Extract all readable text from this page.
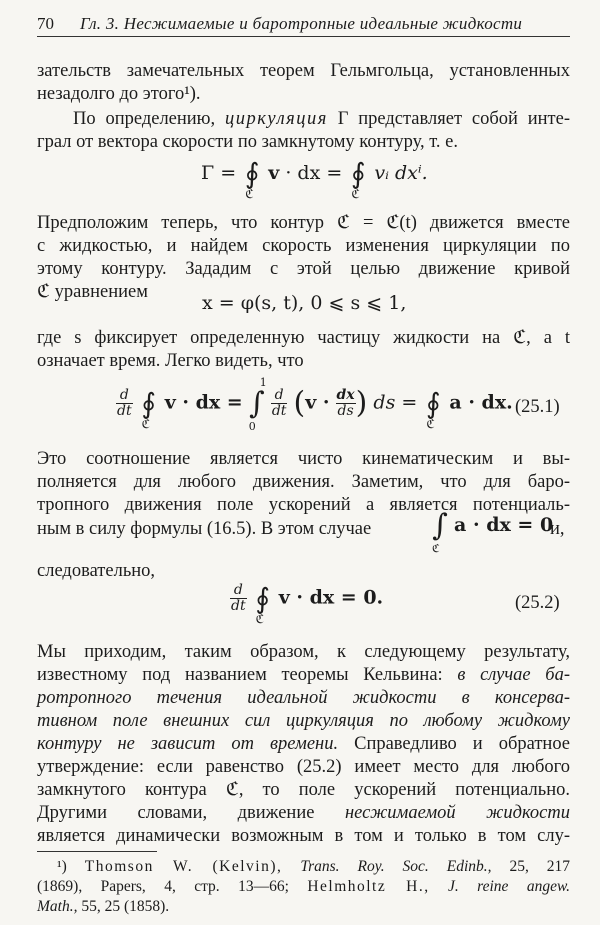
70 Гл. 3. Несжимаемые и баротропные идеальные жидкости
зательств замечательных теорем Гельмгольца, установленных
незадолго до этого¹).
По определению, циркуляция Γ представляет собой интe-
грал от вектора скорости по замкнутому контуру, т. е.
Γ = ∮
ℭ
v · dx = ∮
ℭ
vᵢ dxⁱ.
Предположим теперь, что контур ℭ = ℭ(t) движется вместе
с жидкостью, и найдем скорость изменения циркуляции по
этому контуру. Зададим с этой целью движение кривой
ℭ уравнением	x = φ(s, t), 0 ⩽ s ⩽ 1,
где s фиксирует определенную частицу жидкости на ℭ, а t
означает время. Легко видеть, что
$\frac{d}{dt}$ ∮
ℭ
v · dx = ∫
1
0

$\frac{d}{dt} (v \cdot \frac{dx}{ds}$ ) ds = ∮
ℭ
a · dx. (25.1)
Это соотношение является чисто кинематическим и вы-
полняется для любого движения. Заметим, что для баро-
тропного движения поле ускорений a является потенциаль-
ным в силу формулы (16.5). В этом случае	∫
ℭ
a · dx = 0
и,
следовательно,
$\frac{d}{dt}$ ∮
ℭ
v · dx = 0.	(25.2)
Мы приходим, таким образом, к следующему результату,
известному под названием теоремы Кельвина: в случае ба-
ротропного течения идеальной жидкости в консерва-
тивном поле внешних сил циркуляция по любому жидкому
контуру не зависит от времени. Справедливо и обратное
утверждение: если равенство (25.2) имеет место для любого
замкнутого контура ℭ, то поле ускорений потенциально.
Другими словами, движение несжимаемой жидкости
является динамически возможным в том и только в том слу-
¹) Thomson W. (Kelvin), Trans. Roy. Soc. Edinb., 25, 217
(1869), Papers, 4, стр. 13—66; Helmholtz H., J. reine angew.
Math., 55, 25 (1858).
